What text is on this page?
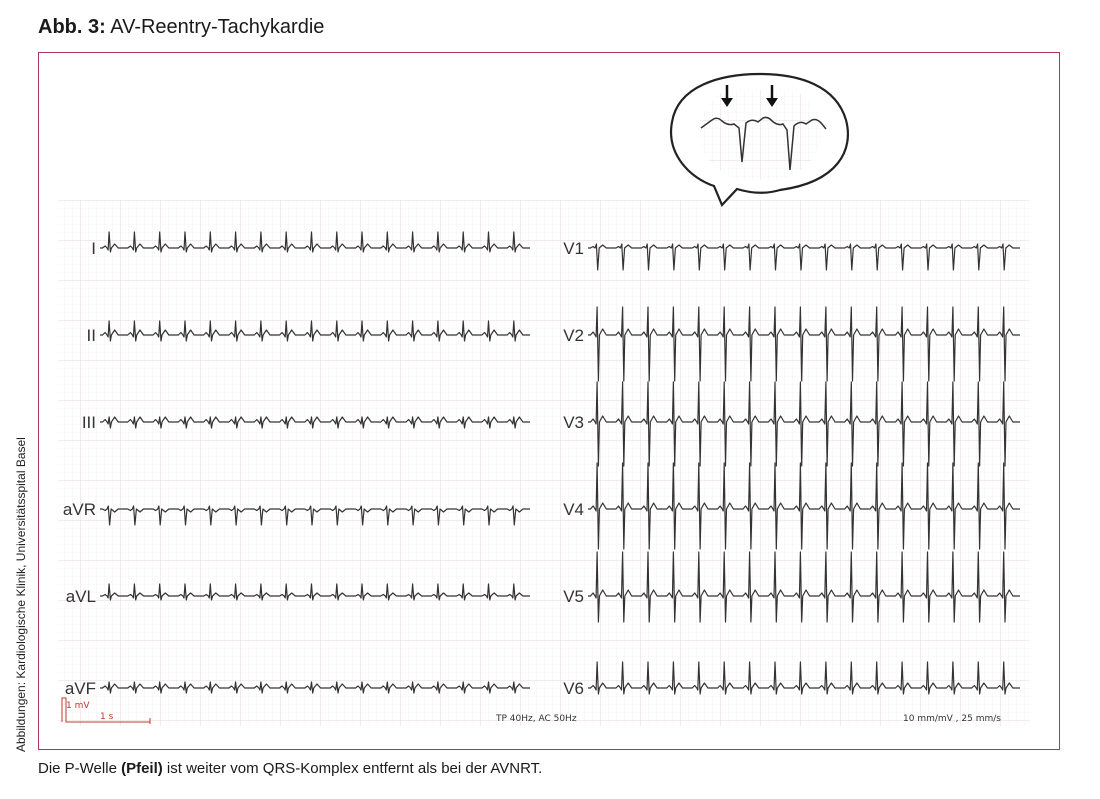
Abb. 3: AV-Reentry-Tachykardie
Abbildungen: Kardiologische Klinik, Universitätsspital Basel
I
II
III
aVR
aVL
aVF
V1
V2
V3
V4
V5
V6
1 mV
1 s	TP 40Hz, AC 50Hz	10 mm/mV , 25 mm/s
Die P-Welle (Pfeil) ist weiter vom QRS-Komplex entfernt als bei der AVNRT.
